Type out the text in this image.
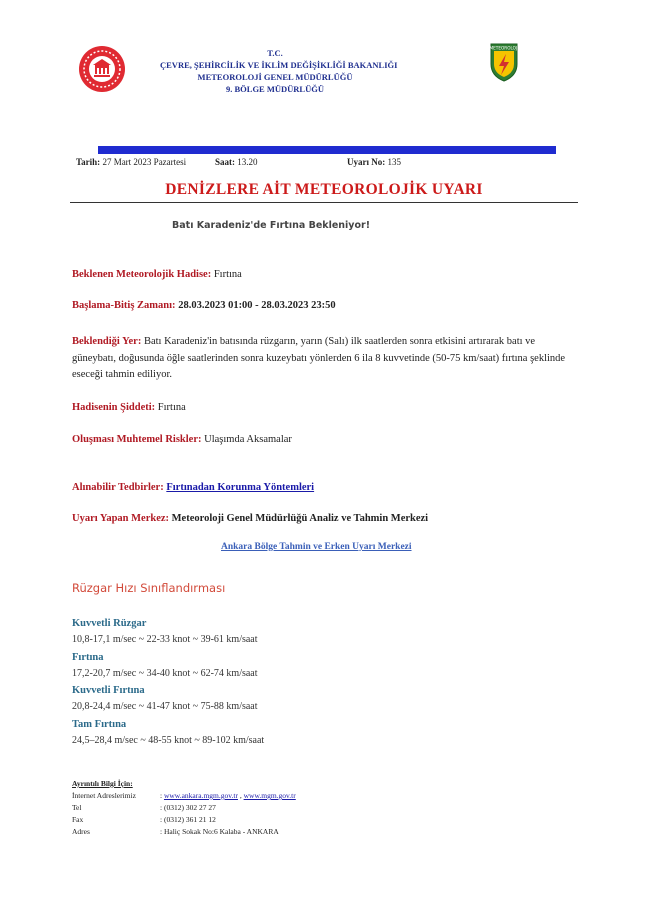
T.C.
ÇEVRE, ŞEHİRCİLİK VE İKLİM DEĞİŞİKLİĞİ BAKANLIĞI
METEOROLOJİ GENEL MÜDÜRLÜĞÜ
9. BÖLGE MÜDÜRLÜĞÜ
METEOROLOJİ
Tarih: 27 Mart 2023 Pazartesi	Saat: 13.20	Uyarı No: 135
DENİZLERE AİT METEOROLOJİK UYARI
Batı Karadeniz'de Fırtına Bekleniyor!
Beklenen Meteorolojik Hadise: Fırtına
Başlama-Bitiş Zamanı: 28.03.2023 01:00 - 28.03.2023 23:50
Beklendiği Yer: Batı Karadeniz'in batısında rüzgarın, yarın (Salı) ilk saatlerden sonra etkisini artırarak batı ve güneybatı, doğusunda öğle saatlerinden sonra kuzeybatı yönlerden 6 ila 8 kuvvetinde (50-75 km/saat) fırtına şeklinde eseceği tahmin ediliyor.
Hadisenin Şiddeti: Fırtına
Oluşması Muhtemel Riskler: Ulaşımda Aksamalar
Alınabilir Tedbirler: Fırtınadan Korunma Yöntemleri
Uyarı Yapan Merkez: Meteoroloji Genel Müdürlüğü Analiz ve Tahmin Merkezi
Ankara Bölge Tahmin ve Erken Uyarı Merkezi
Rüzgar Hızı Sınıflandırması
Kuvvetli Rüzgar
10,8-17,1 m/sec ~ 22-33 knot ~ 39-61 km/saat
Fırtına
17,2-20,7 m/sec ~ 34-40 knot ~ 62-74 km/saat
Kuvvetli Fırtına
20,8-24,4 m/sec ~ 41-47 knot ~ 75-88 km/saat
Tam Fırtına
24,5–28,4 m/sec ~ 48-55 knot ~ 89-102 km/saat
Ayrıntılı Bilgi İçin:
İnternet Adreslerimiz	: www.ankara.mgm.gov.tr , www.mgm.gov.tr
Tel	: (0312) 302 27 27
Fax	: (0312) 361 21 12
Adres	: Haliç Sokak No:6 Kalaba - ANKARA
